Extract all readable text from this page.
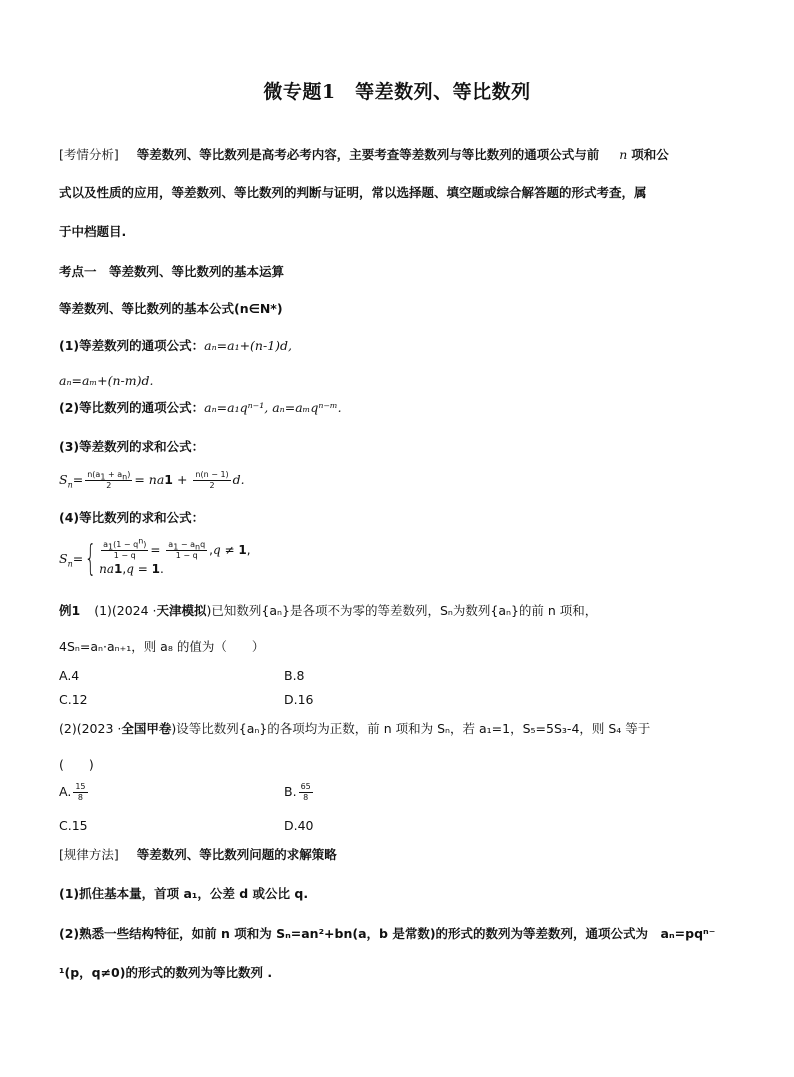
微专题1　等差数列、等比数列
[考情分析] 等差数列、等比数列是高考必考内容，主要考查等差数列与等比数列的通项公式与前 n 项和公
式以及性质的应用，等差数列、等比数列的判断与证明，常以选择题、填空题或综合解答题的形式考查，属
于中档题目.
考点一　等差数列、等比数列的基本运算
等差数列、等比数列的基本公式(n∈N*)
(1)等差数列的通项公式：aₙ=a₁+(n-1)d,
aₙ=aₘ+(n-m)d.
(2)等比数列的通项公式：aₙ=a₁qⁿ⁻¹, aₙ=aₘqⁿ⁻ᵐ.
(3)等差数列的求和公式：
$S_n= \frac{n(a_1 + a_n)}{2} = na1 + \frac{n(n - 1)}{2} d$.
(4)等比数列的求和公式：
$S_n=\{ \frac{a_1(1 - q^n)}{1 - q} = \frac{a_1 - a_nq}{1 - q} ,q \ne 1$,
na1,q = 1.
例1 (1)(2024 ·天津模拟)已知数列{aₙ}是各项不为零的等差数列，Sₙ为数列{aₙ}的前 n 项和，
4Sₙ=aₙ·aₙ₊₁，则 a₈ 的值为（　　）
A.4	B.8
C.12	D.16
(2)(2023 ·全国甲卷)设等比数列{aₙ}的各项均为正数，前 n 项和为 Sₙ，若 a₁=1，S₅=5S₃-4，则 S₄ 等于
(　　)
A. $\frac{15}{8}$	B. $\frac{65}{8}$
C.15	D.40
[规律方法] 等差数列、等比数列问题的求解策略
(1)抓住基本量，首项 a₁，公差 d 或公比 q.
(2)熟悉一些结构特征，如前 n 项和为 Sₙ=an²+bn(a，b 是常数)的形式的数列为等差数列，通项公式为　aₙ=pqⁿ⁻
¹(p，q≠0)的形式的数列为等比数列 .
